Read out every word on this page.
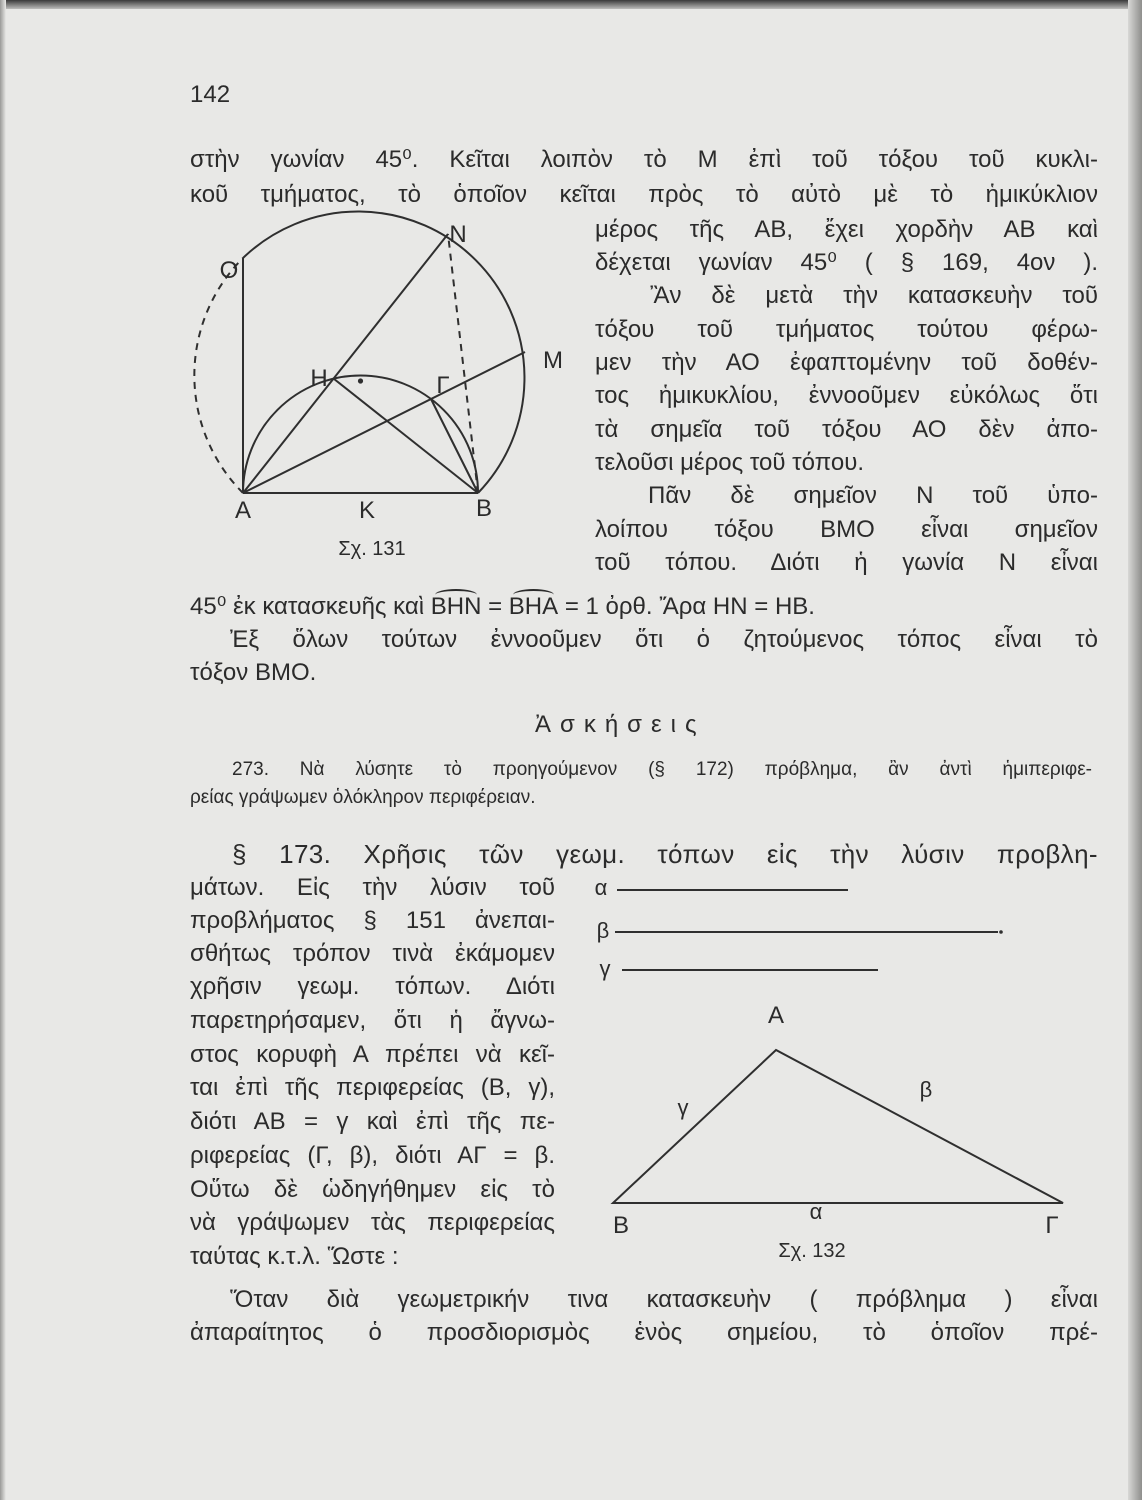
142
στὴν γωνίαν 45⁰. Κεῖται λοιπὸν τὸ Μ ἐπὶ τοῦ τόξου τοῦ κυκλι-
κοῦ τμήματος, τὸ ὁποῖον κεῖται πρὸς τὸ αὐτὸ μὲ τὸ ἡμικύκλιον
μέρος τῆς ΑΒ, ἔχει χορδὴν ΑΒ καὶ
δέχεται γωνίαν 45⁰ ( § 169, 4ον ).
Ἂν δὲ μετὰ τὴν κατασκευὴν τοῦ
τόξου τοῦ τμήματος τούτου φέρω-
μεν τὴν ΑΟ ἐφαπτομένην τοῦ δοθέν-
τος ἡμικυκλίου, ἐννοοῦμεν εὐκόλως ὅτι
τὰ σημεῖα τοῦ τόξου ΑΟ δὲν ἀπο-
τελοῦσι μέρος τοῦ τόπου.
Πᾶν δὲ σημεῖον Ν τοῦ ὑπο-
λοίπου τόξου ΒΜΟ εἶναι σημεῖον
τοῦ τόπου. Διότι ἡ γωνία Ν εἶναι
45⁰ ἐκ κατασκευῆς καὶ ΒΗΝ = ΒΗΑ = 1 ὀρθ. Ἄρα ΗΝ = ΗΒ.
Ἐξ ὅλων τούτων ἐννοοῦμεν ὅτι ὁ ζητούμενος τόπος εἶναι τὸ
τόξον ΒΜΟ.
Ἀσκήσεις
273. Νὰ λύσητε τὸ προηγούμενον (§ 172) πρόβλημα, ἂν ἀντὶ ἡμιπεριφε-
ρείας γράψωμεν ὁλόκληρον περιφέρειαν.
§ 173. Χρῆσις τῶν γεωμ. τόπων εἰς τὴν λύσιν προβλη-
μάτων. Εἰς τὴν λύσιν τοῦ
προβλήματος § 151 ἀνεπαι-
σθήτως τρόπον τινὰ ἐκάμομεν
χρῆσιν γεωμ. τόπων. Διότι
παρετηρήσαμεν, ὅτι ἡ ἄγνω-
στος κορυφὴ Α πρέπει νὰ κεῖ-
ται ἐπὶ τῆς περιφερείας (Β, γ),
διότι ΑΒ = γ καὶ ἐπὶ τῆς πε-
ριφερείας (Γ, β), διότι ΑΓ = β.
Οὕτω δὲ ὡδηγήθημεν εἰς τὸ
νὰ γράψωμεν τὰς περιφερείας
ταύτας κ.τ.λ. Ὥστε :
Ὅταν διὰ γεωμετρικήν τινα κατασκευὴν ( πρόβλημα ) εἶναι
ἀπαραίτητος ὁ προσδιορισμὸς ἑνὸς σημείου, τὸ ὁποῖον πρέ-
Ο
Ν
Μ
Η	Γ
Α	Κ	Β
Σχ. 131
α
β
γ
Α
Β	Γ
γ
β
α
Σχ. 132
